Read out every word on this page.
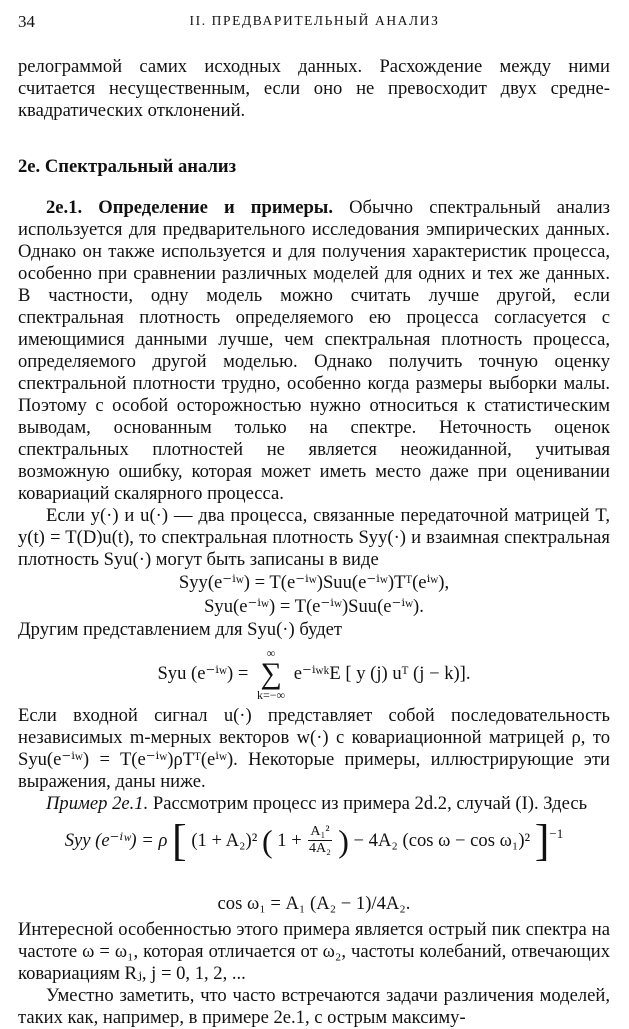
34	II. ПРЕДВАРИТЕЛЬНЫЙ АНАЛИЗ

релограммой самих исходных данных. Расхождение между ними считается несущественным, если оно не превосходит двух средне-квадратических отклонений.

2e. Спектральный анализ

2e.1. Определение и примеры. Обычно спектральный анализ используется для предварительного исследования эмпирических данных. Однако он также используется и для получения характеристик процесса, особенно при сравнении различных моделей для одних и тех же данных. В частности, одну модель можно считать лучше другой, если спектральная плотность определяемого ею процесса согласуется с имеющимися данными лучше, чем спектральная плотность процесса, определяемого другой моделью. Однако получить точную оценку спектральной плотности трудно, особенно когда размеры выборки малы. Поэтому с особой осторожностью нужно относиться к статистическим выводам, основанным только на спектре. Неточность оценок спектральных плотностей не является неожиданной, учитывая возможную ошибку, которая может иметь место даже при оценивании ковариаций скалярного процесса.

Если y(·) и u(·) — два процесса, связанные передаточной матрицей T, y(t) = T(D)u(t), то спектральная плотность Syy(·) и взаимная спектральная плотность Syu(·) могут быть записаны в виде

Syy(e⁻ⁱʷ) = T(e⁻ⁱʷ)Suu(e⁻ⁱʷ)Tᵀ(eⁱʷ),
Syu(e⁻ⁱʷ) = T(e⁻ⁱʷ)Suu(e⁻ⁱʷ).

Другим представлением для Syu(·) будет

Syu (e⁻ⁱʷ) =
∞
∑
k=−∞
e⁻ⁱʷᵏE [ y (j) uᵀ (j − k)].

Если входной сигнал u(·) представляет собой последовательность независимых m-мерных векторов w(·) с ковариационной матрицей ρ, то Syu(e⁻ⁱʷ) = T(e⁻ⁱʷ)ρTᵀ(eⁱʷ). Некоторые примеры, иллюстрирующие эти выражения, даны ниже.

Пример 2e.1. Рассмотрим процесс из примера 2d.2, случай (I). Здесь

Syy (e⁻ⁱʷ) = ρ [ (1 + A₂)² ( $1 + \frac{\text{A₁²}}{\text{4A₂}}$ ) − 4A₂ (cos ω − cos ω₁)² ]$^{-1}$
cos ω₁ = A₁ (A₂ − 1)/4A₂.

Интересной особенностью этого примера является острый пик спектра на частоте ω = ω₁, которая отличается от ω₂, частоты колебаний, отвечающих ковариациям Rⱼ, j = 0, 1, 2, ...

Уместно заметить, что часто встречаются задачи различения моделей, таких как, например, в примере 2e.1, с острым максиму-
